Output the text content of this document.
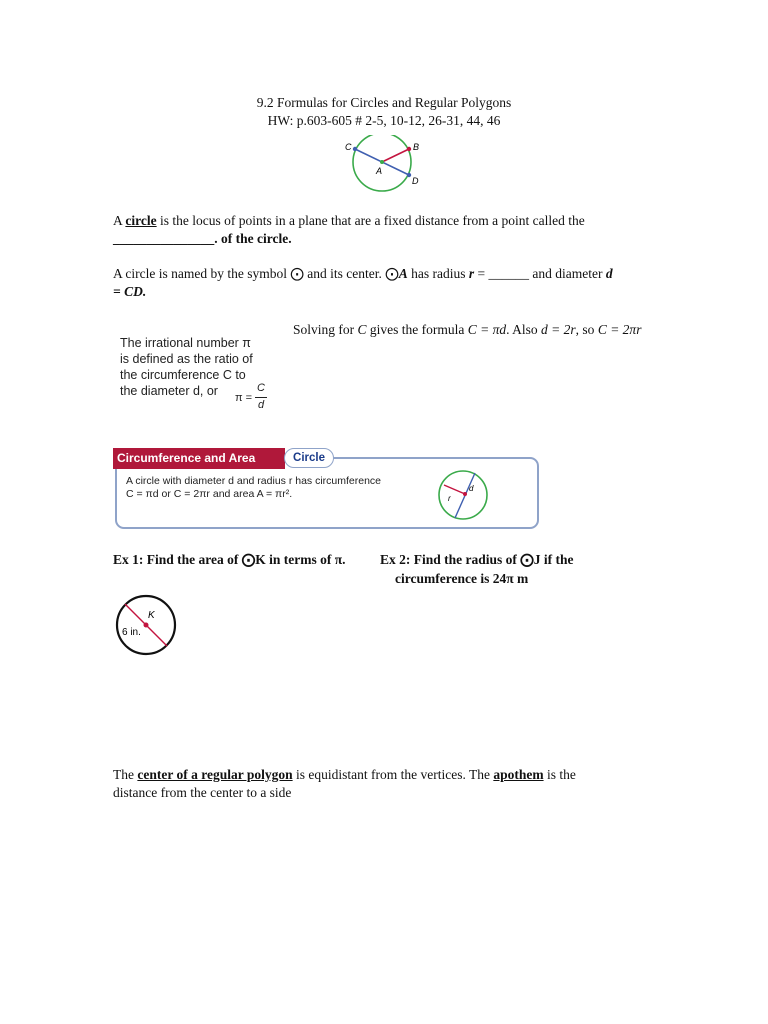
9.2 Formulas for Circles and Regular Polygons
HW: p.603-605 # 2-5, 10-12, 26-31, 44, 46
C	B
A
D
A circle is the locus of points in a plane that are a fixed distance from a point called the
_______________. of the circle.
A circle is named by the symbol ⨀ and its center. ⨀A has radius r = ______ and diameter d
= CD.
Solving for C gives the formula C = πd. Also d = 2r, so C = 2πr
The irrational number π
is defined as the ratio of
the circumference C to
the diameter d, or	π =
C
d
Circumference and Area	Circle
A circle with diameter d and radius r has circumference
C = πd or C = 2πr and area A = πr².	r
d
Ex 1: Find the area of ⨀K in terms of π.	Ex 2: Find the radius of ⨀J if the
circumference is 24π m
K
6 in.
The center of a regular polygon is equidistant from the vertices. The apothem is the
distance from the center to a side
